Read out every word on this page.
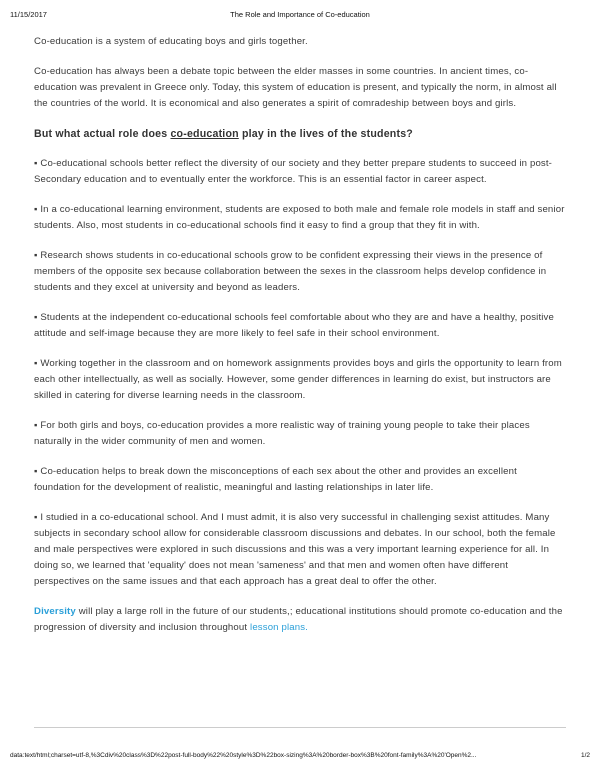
11/15/2017	The Role and Importance of Co-education

Co-education is a system of educating boys and girls together.

Co-education has always been a debate topic between the elder masses in some countries. In ancient times, co-education was prevalent in Greece only. Today, this system of education is present, and typically the norm, in almost all the countries of the world. It is economical and also generates a spirit of comradeship between boys and girls.

But what actual role does co-education play in the lives of the students?

▪ Co-educational schools better reflect the diversity of our society and they better prepare students to succeed in post-Secondary education and to eventually enter the workforce. This is an essential factor in career aspect.

▪ In a co-educational learning environment, students are exposed to both male and female role models in staff and senior students. Also, most students in co-educational schools find it easy to find a group that they fit in with.

▪ Research shows students in co-educational schools grow to be confident expressing their views in the presence of members of the opposite sex because collaboration between the sexes in the classroom helps develop confidence in students and they excel at university and beyond as leaders.

▪ Students at the independent co-educational schools feel comfortable about who they are and have a healthy, positive attitude and self-image because they are more likely to feel safe in their school environment.

▪ Working together in the classroom and on homework assignments provides boys and girls the opportunity to learn from each other intellectually, as well as socially. However, some gender differences in learning do exist, but instructors are skilled in catering for diverse learning needs in the classroom.

▪ For both girls and boys, co-education provides a more realistic way of training young people to take their places naturally in the wider community of men and women.

▪ Co-education helps to break down the misconceptions of each sex about the other and provides an excellent foundation for the development of realistic, meaningful and lasting relationships in later life.

▪ I studied in a co-educational school. And I must admit, it is also very successful in challenging sexist attitudes. Many subjects in secondary school allow for considerable classroom discussions and debates. In our school, both the female and male perspectives were explored in such discussions and this was a very important learning experience for all. In doing so, we learned that 'equality' does not mean 'sameness' and that men and women often have different perspectives on the same issues and that each approach has a great deal to offer the other.

Diversity will play a large roll in the future of our students,; educational institutions should promote co-education and the progression of diversity and inclusion throughout lesson plans.

data:text/html;charset=utf-8,%3Cdiv%20class%3D%22post-full-body%22%20style%3D%22box-sizing%3A%20border-box%3B%20font-family%3A%20'Open%2...	1/2
